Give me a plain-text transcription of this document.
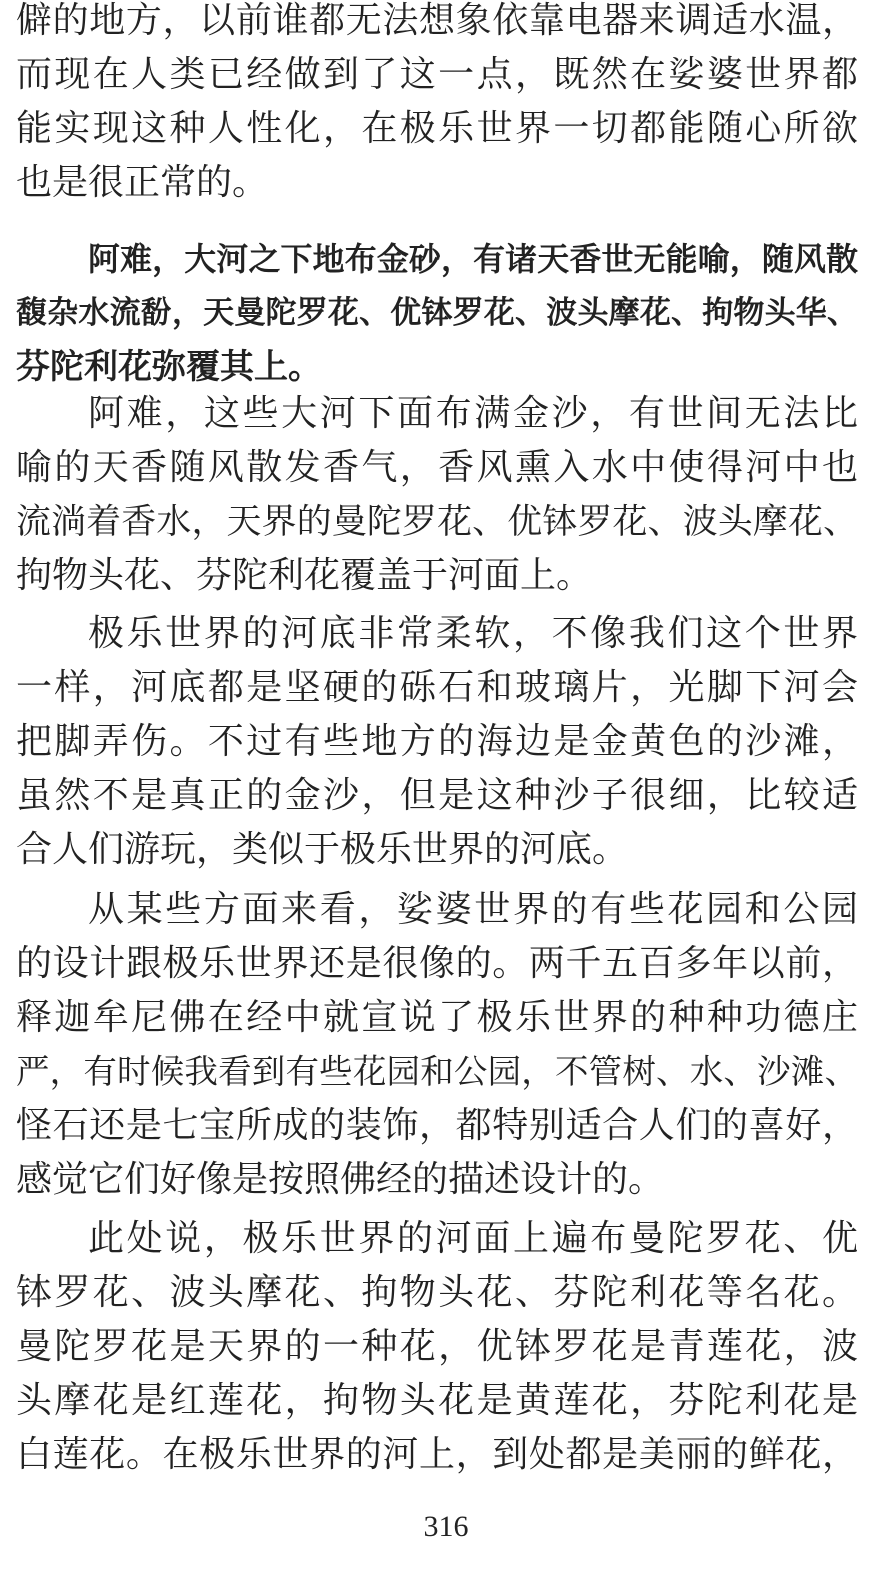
僻的地方，以前谁都无法想象依靠电器来调适水温，
而现在人类已经做到了这一点，既然在娑婆世界都
能实现这种人性化，在极乐世界一切都能随心所欲
也是很正常的。
阿难，大河之下地布金砂，有诸天香世无能喻，随风散
馥杂水流馚，天曼陀罗花、优钵罗花、波头摩花、拘物头华、
芬陀利花弥覆其上。
阿难，这些大河下面布满金沙，有世间无法比
喻的天香随风散发香气，香风熏入水中使得河中也
流淌着香水，天界的曼陀罗花、优钵罗花、波头摩花、
拘物头花、芬陀利花覆盖于河面上。
极乐世界的河底非常柔软，不像我们这个世界
一样，河底都是坚硬的砾石和玻璃片，光脚下河会
把脚弄伤。不过有些地方的海边是金黄色的沙滩，
虽然不是真正的金沙，但是这种沙子很细，比较适
合人们游玩，类似于极乐世界的河底。
从某些方面来看，娑婆世界的有些花园和公园
的设计跟极乐世界还是很像的。两千五百多年以前，
释迦牟尼佛在经中就宣说了极乐世界的种种功德庄
严，有时候我看到有些花园和公园，不管树、水、沙滩、
怪石还是七宝所成的装饰，都特别适合人们的喜好，
感觉它们好像是按照佛经的描述设计的。
此处说，极乐世界的河面上遍布曼陀罗花、优
钵罗花、波头摩花、拘物头花、芬陀利花等名花。
曼陀罗花是天界的一种花，优钵罗花是青莲花，波
头摩花是红莲花，拘物头花是黄莲花，芬陀利花是
白莲花。在极乐世界的河上，到处都是美丽的鲜花，
316
